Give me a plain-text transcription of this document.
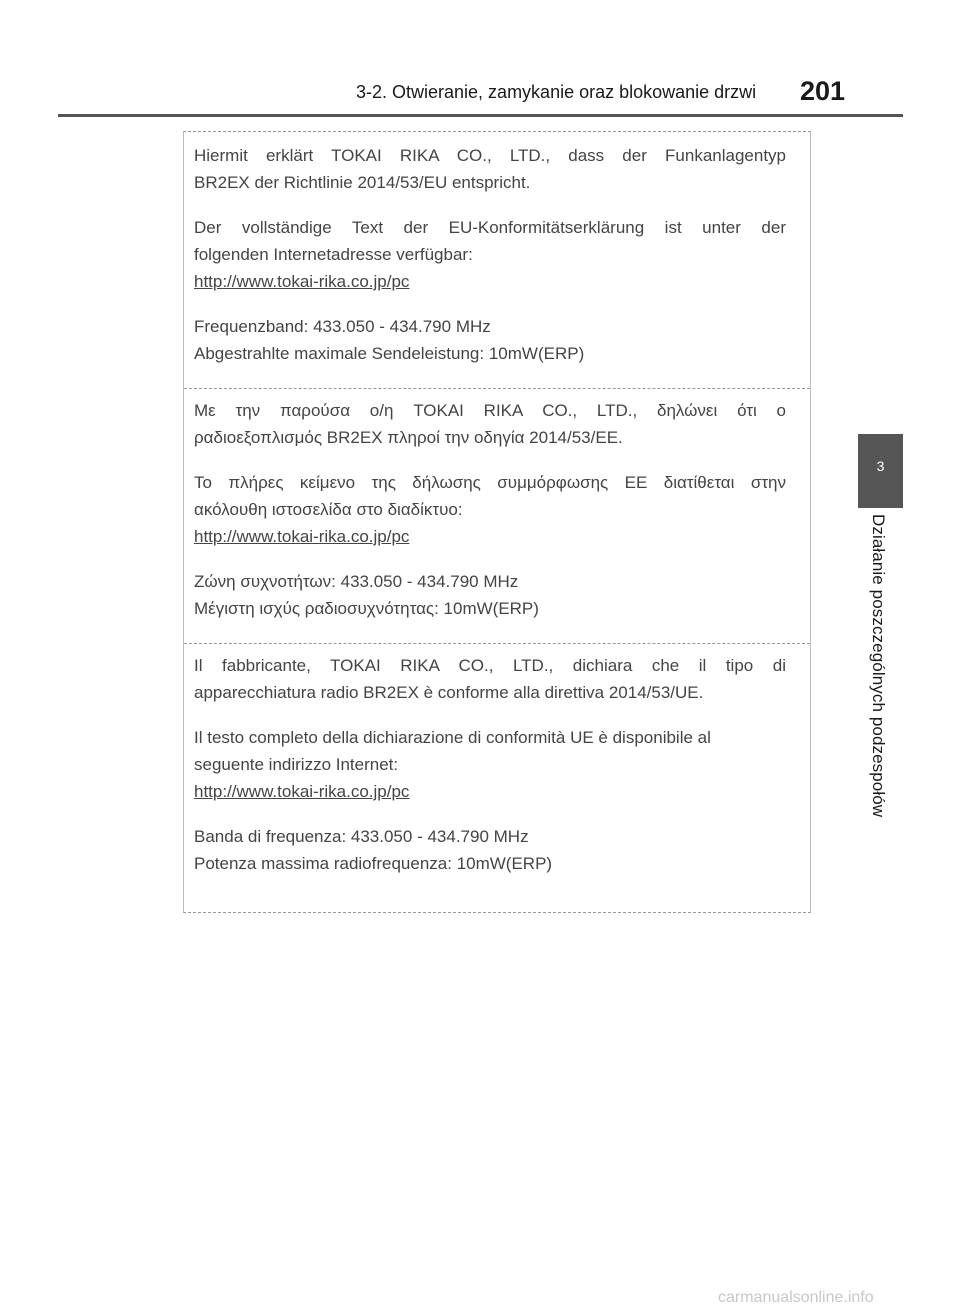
3-2. Otwieranie, zamykanie oraz blokowanie drzwi 201
3
Działanie poszczególnych podzespołów

Hiermit erklärt TOKAI RIKA CO., LTD., dass der Funkanlagentyp

BR2EX der Richtlinie 2014/53/EU entspricht.

Der vollständige Text der EU-Konformitätserklärung ist unter der

folgenden Internetadresse verfügbar:

http://www.tokai-rika.co.jp/pc

Frequenzband: 433.050 - 434.790 MHz

Abgestrahlte maximale Sendeleistung: 10mW(ERP)

Με την παρούσα ο/η TOKAI RIKA CO., LTD., δηλώνει ότι ο

ραδιοεξοπλισμός BR2EX πληροί την οδηγία 2014/53/ΕΕ.

Το πλήρες κείμενο της δήλωσης συμμόρφωσης ΕΕ διατίθεται στην

ακόλουθη ιστοσελίδα στο διαδίκτυο:

http://www.tokai-rika.co.jp/pc

Ζώνη συχνοτήτων: 433.050 - 434.790 MHz

Μέγιστη ισχύς ραδιοσυχνότητας: 10mW(ERP)

Il fabbricante, TOKAI RIKA CO., LTD., dichiara che il tipo di

apparecchiatura radio BR2EX è conforme alla direttiva 2014/53/UE.

Il testo completo della dichiarazione di conformità UE è disponibile al

seguente indirizzo Internet:

http://www.tokai-rika.co.jp/pc

Banda di frequenza: 433.050 - 434.790 MHz

Potenza massima radiofrequenza: 10mW(ERP)

carmanualsonline.info
